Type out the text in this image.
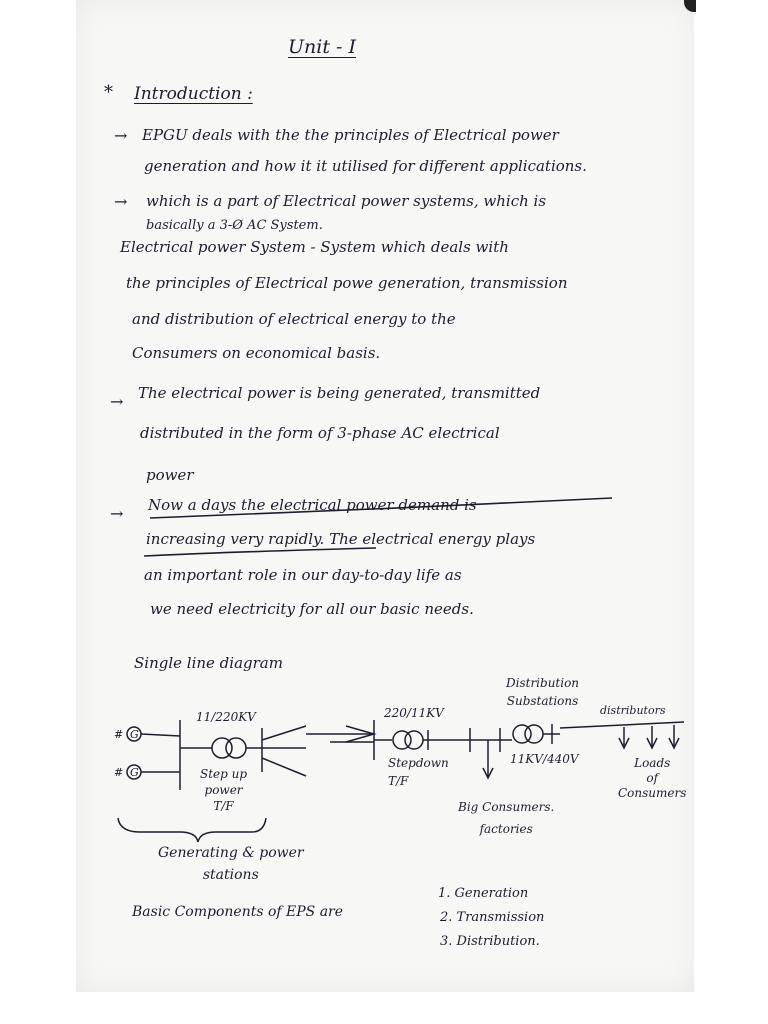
Unit - I
* Introduction :
→ EPGU deals with the the principles of Electrical power
generation and how it it utilised for different applications.
→ which is a part of Electrical power systems, which is
basically a 3-Ø AC System.
Electrical power System - System which deals with
the principles of Electrical powe generation, transmission
and distribution of electrical energy to the
Consumers on economical basis.
→ The electrical power is being generated, transmitted
distributed in the form of 3-phase AC electrical
power
→ Now a days the electrical power demand is
increasing very rapidly. The electrical energy plays
an important role in our day-to-day life as
we need electricity for all our basic needs.
Single line diagram
G
G
#
#
11/220KV	220/11KV
11KV/440V
Step up
power
T/F
Stepdown
T/F
Distribution
Substations
distributors
Loads
of
Consumers
Big Consumers.
factories
Generating & power
stations
Basic Components of EPS are
1. Generation
2. Transmission
3. Distribution.
